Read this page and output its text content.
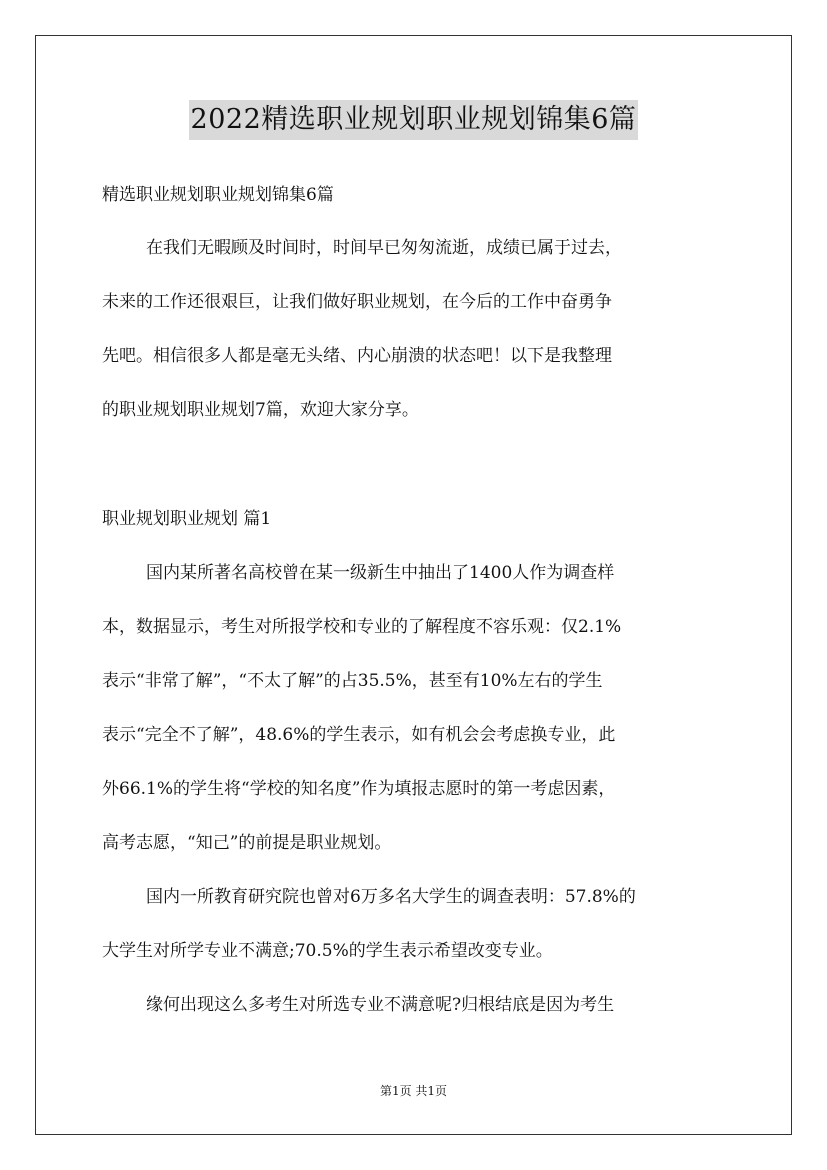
2022精选职业规划职业规划锦集6篇
精选职业规划职业规划锦集6篇
在我们无暇顾及时间时，时间早已匆匆流逝，成绩已属于过去，
未来的工作还很艰巨，让我们做好职业规划，在今后的工作中奋勇争
先吧。相信很多人都是毫无头绪、内心崩溃的状态吧！以下是我整理
的职业规划职业规划7篇，欢迎大家分享。
职业规划职业规划 篇1
国内某所著名高校曾在某一级新生中抽出了1400人作为调查样
本，数据显示，考生对所报学校和专业的了解程度不容乐观：仅2.1%
表示“非常了解”，“不太了解”的占35.5%，甚至有10%左右的学生
表示“完全不了解”，48.6%的学生表示，如有机会会考虑换专业，此
外66.1%的学生将“学校的知名度”作为填报志愿时的第一考虑因素，
高考志愿，“知己”的前提是职业规划。
国内一所教育研究院也曾对6万多名大学生的调查表明：57.8%的
大学生对所学专业不满意;70.5%的学生表示希望改变专业。
缘何出现这么多考生对所选专业不满意呢?归根结底是因为考生
第1页 共1页
